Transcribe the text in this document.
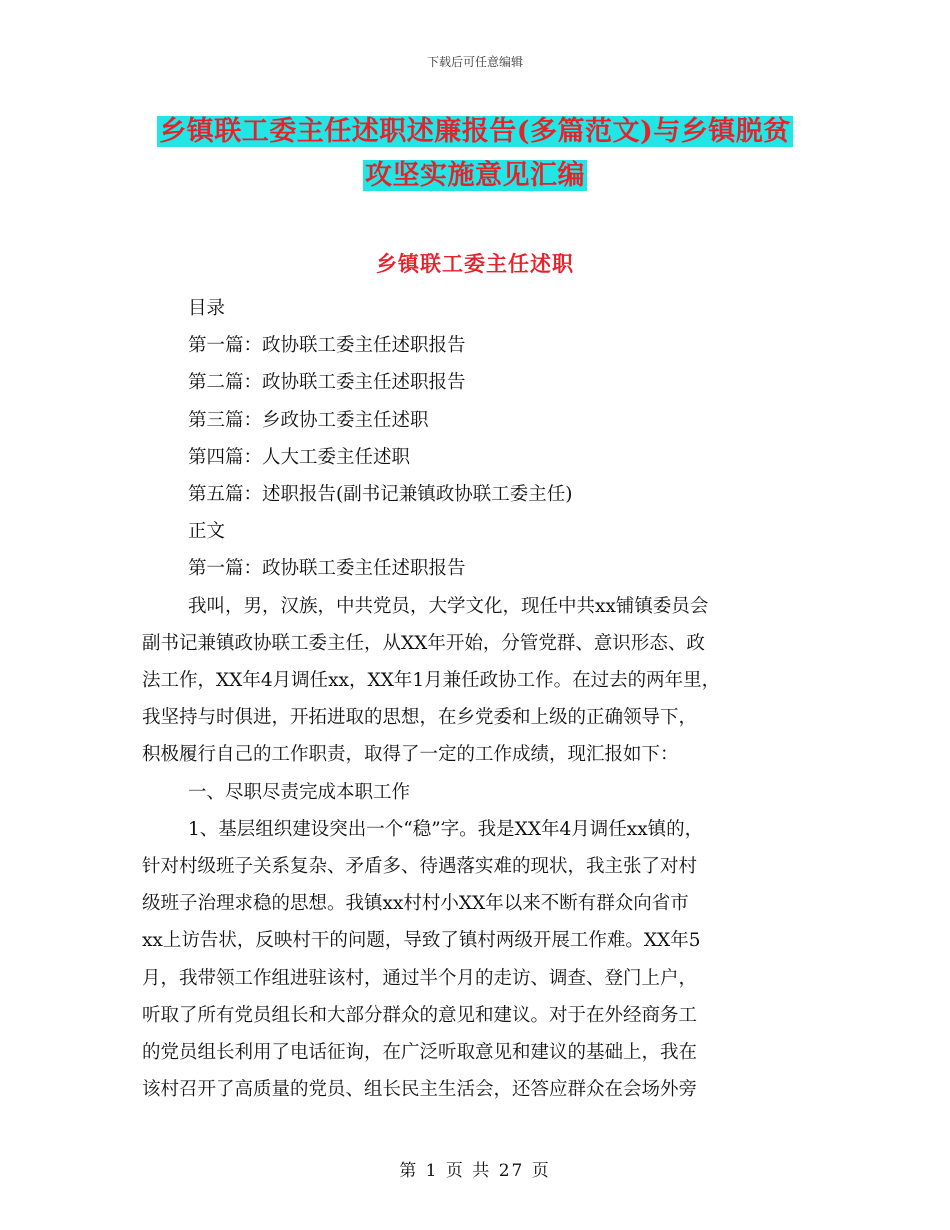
下载后可任意编辑
乡镇联工委主任述职述廉报告(多篇范文)与乡镇脱贫
攻坚实施意见汇编
乡镇联工委主任述职

目录

第一篇：政协联工委主任述职报告

第二篇：政协联工委主任述职报告

第三篇：乡政协工委主任述职

第四篇：人大工委主任述职

第五篇：述职报告(副书记兼镇政协联工委主任)

正文

第一篇：政协联工委主任述职报告

我叫，男，汉族，中共党员，大学文化，现任中共xx铺镇委员会

副书记兼镇政协联工委主任，从XX年开始，分管党群、意识形态、政

法工作，XX年4月调任xx，XX年1月兼任政协工作。在过去的两年里，

我坚持与时俱进，开拓进取的思想，在乡党委和上级的正确领导下，

积极履行自己的工作职责，取得了一定的工作成绩，现汇报如下：

一、尽职尽责完成本职工作

1、基层组织建设突出一个“稳”字。我是XX年4月调任xx镇的，

针对村级班子关系复杂、矛盾多、待遇落实难的现状，我主张了对村

级班子治理求稳的思想。我镇xx村村小XX年以来不断有群众向省市

xx上访告状，反映村干的问题，导致了镇村两级开展工作难。XX年5

月，我带领工作组进驻该村，通过半个月的走访、调查、登门上户，

听取了所有党员组长和大部分群众的意见和建议。对于在外经商务工

的党员组长利用了电话征询，在广泛听取意见和建议的基础上，我在

该村召开了高质量的党员、组长民主生活会，还答应群众在会场外旁

第 1 页 共 27 页
